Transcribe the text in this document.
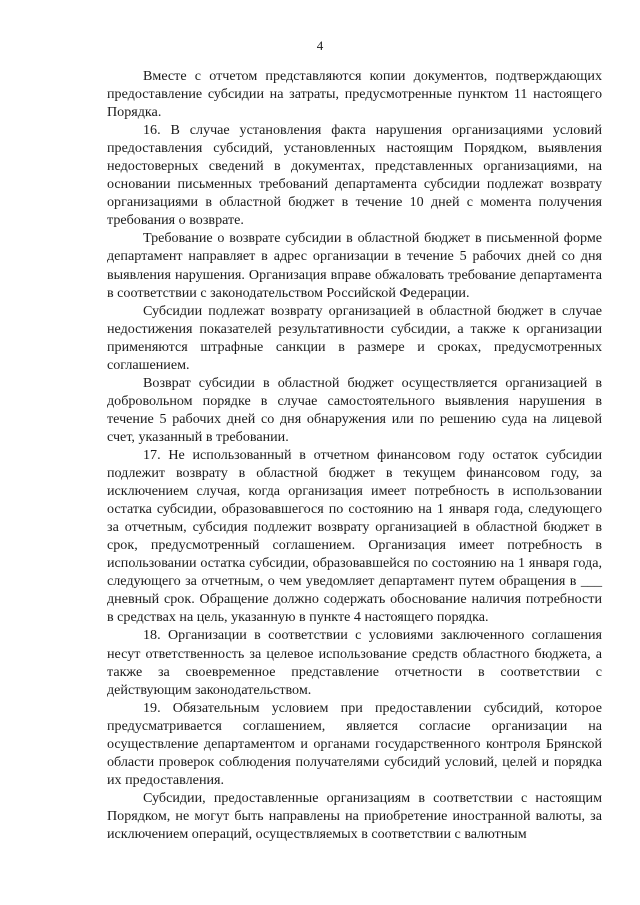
4

Вместе с отчетом представляются копии документов, подтверждающих предоставление субсидии на затраты, предусмотренные пунктом 11 настоящего Порядка.

16. В случае установления факта нарушения организациями условий предоставления субсидий, установленных настоящим Порядком, выявления недостоверных сведений в документах, представленных организациями, на основании письменных требований департамента субсидии подлежат возврату организациями в областной бюджет в течение 10 дней с момента получения требования о возврате.

Требование о возврате субсидии в областной бюджет в письменной форме департамент направляет в адрес организации в течение 5 рабочих дней со дня выявления нарушения. Организация вправе обжаловать требование департамента в соответствии с законодательством Российской Федерации.

Субсидии подлежат возврату организацией в областной бюджет в случае недостижения показателей результативности субсидии, а также к организации применяются штрафные санкции в размере и сроках, предусмотренных соглашением.

Возврат субсидии в областной бюджет осуществляется организацией в добровольном порядке в случае самостоятельного выявления нарушения в течение 5 рабочих дней со дня обнаружения или по решению суда на лицевой счет, указанный в требовании.

17. Не использованный в отчетном финансовом году остаток субсидии подлежит возврату в областной бюджет в текущем финансовом году, за исключением случая, когда организация имеет потребность в использовании остатка субсидии, образовавшегося по состоянию на 1 января года, следующего за отчетным, субсидия подлежит возврату организацией в областной бюджет в срок, предусмотренный соглашением. Организация имеет потребность в использовании остатка субсидии, образовавшейся по состоянию на 1 января года, следующего за отчетным, о чем уведомляет департамент путем обращения в ___ дневный срок. Обращение должно содержать обоснование наличия потребности в средствах на цель, указанную в пункте 4 настоящего порядка.

18. Организации в соответствии с условиями заключенного соглашения несут ответственность за целевое использование средств областного бюджета, а также за своевременное представление отчетности в соответствии с действующим законодательством.

19. Обязательным условием при предоставлении субсидий, которое предусматривается соглашением, является согласие организации на осуществление департаментом и органами государственного контроля Брянской области проверок соблюдения получателями субсидий условий, целей и порядка их предоставления.

Субсидии, предоставленные организациям в соответствии с настоящим Порядком, не могут быть направлены на приобретение иностранной валюты, за исключением операций, осуществляемых в соответствии с валютным
